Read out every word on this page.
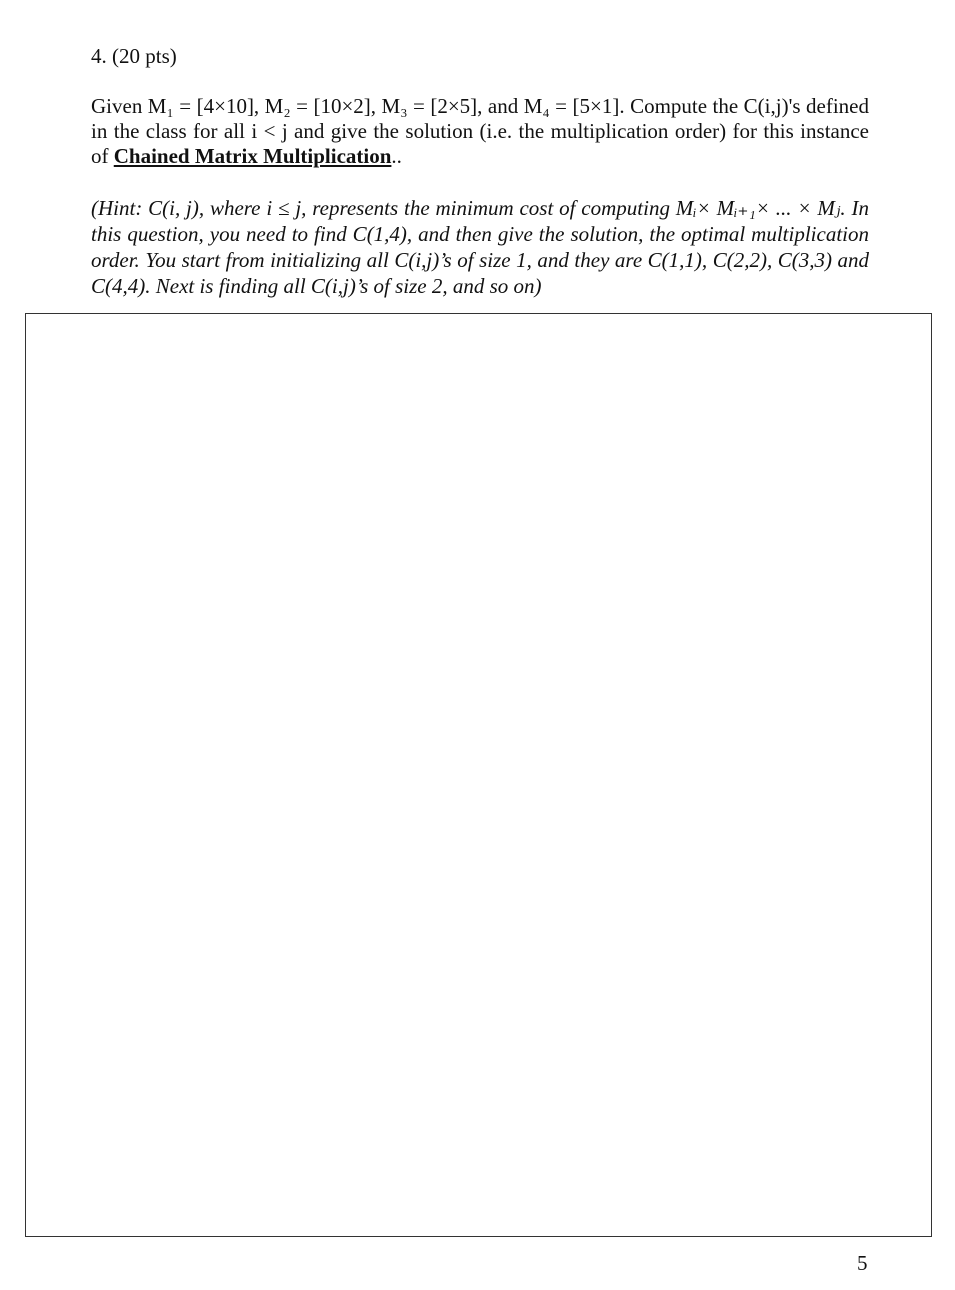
4. (20 pts)
Given M₁ = [4×10], M₂ = [10×2], M₃ = [2×5], and M₄ = [5×1]. Compute the C(i,j)'s defined in the class for all i < j and give the solution (i.e. the multiplication order) for this instance of Chained Matrix Multiplication..
(Hint: C(i, j), where i ≤ j, represents the minimum cost of computing Mᵢ× Mᵢ₊₁× ... × Mⱼ. In this question, you need to find C(1,4), and then give the solution, the optimal multiplication order. You start from initializing all C(i,j)’s of size 1, and they are C(1,1), C(2,2), C(3,3) and C(4,4). Next is finding all C(i,j)’s of size 2, and so on)
5
